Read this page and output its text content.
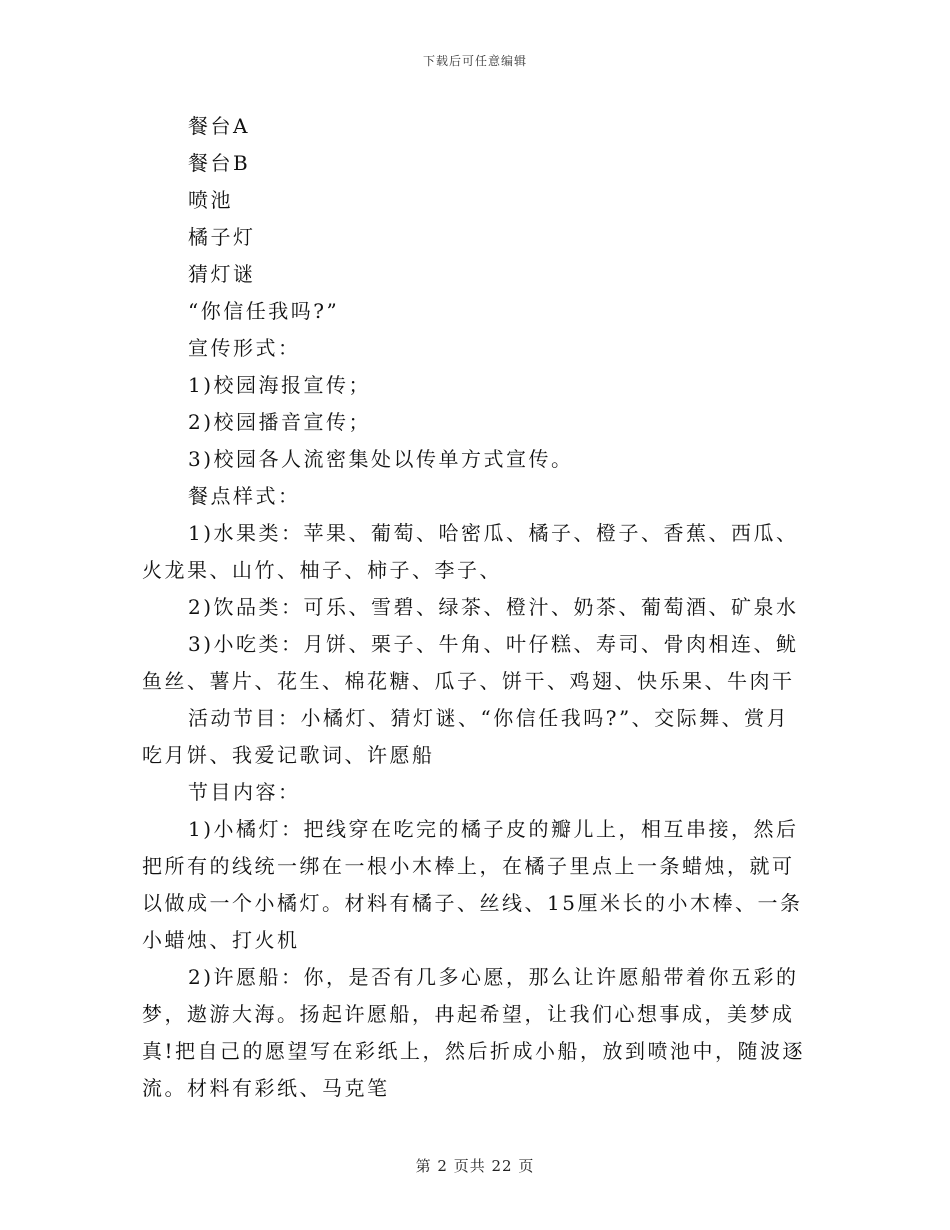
下载后可任意编辑

餐台A

餐台B

喷池

橘子灯

猜灯谜

“你信任我吗?”

宣传形式：

1)校园海报宣传；

2)校园播音宣传；

3)校园各人流密集处以传单方式宣传。

餐点样式：

1)水果类：苹果、葡萄、哈密瓜、橘子、橙子、香蕉、西瓜、火龙果、山竹、柚子、柿子、李子、

2)饮品类：可乐、雪碧、绿茶、橙汁、奶茶、葡萄酒、矿泉水

3)小吃类：月饼、栗子、牛角、叶仔糕、寿司、骨肉相连、鱿鱼丝、薯片、花生、棉花糖、瓜子、饼干、鸡翅、快乐果、牛肉干

活动节目：小橘灯、猜灯谜、“你信任我吗?”、交际舞、赏月吃月饼、我爱记歌词、许愿船

节目内容：

1)小橘灯：把线穿在吃完的橘子皮的瓣儿上，相互串接，然后把所有的线统一绑在一根小木棒上，在橘子里点上一条蜡烛，就可以做成一个小橘灯。材料有橘子、丝线、15厘米长的小木棒、一条小蜡烛、打火机

2)许愿船：你，是否有几多心愿，那么让许愿船带着你五彩的梦，遨游大海。扬起许愿船，冉起希望，让我们心想事成，美梦成真!把自己的愿望写在彩纸上，然后折成小船，放到喷池中，随波逐流。材料有彩纸、马克笔

第 2 页共 22 页
